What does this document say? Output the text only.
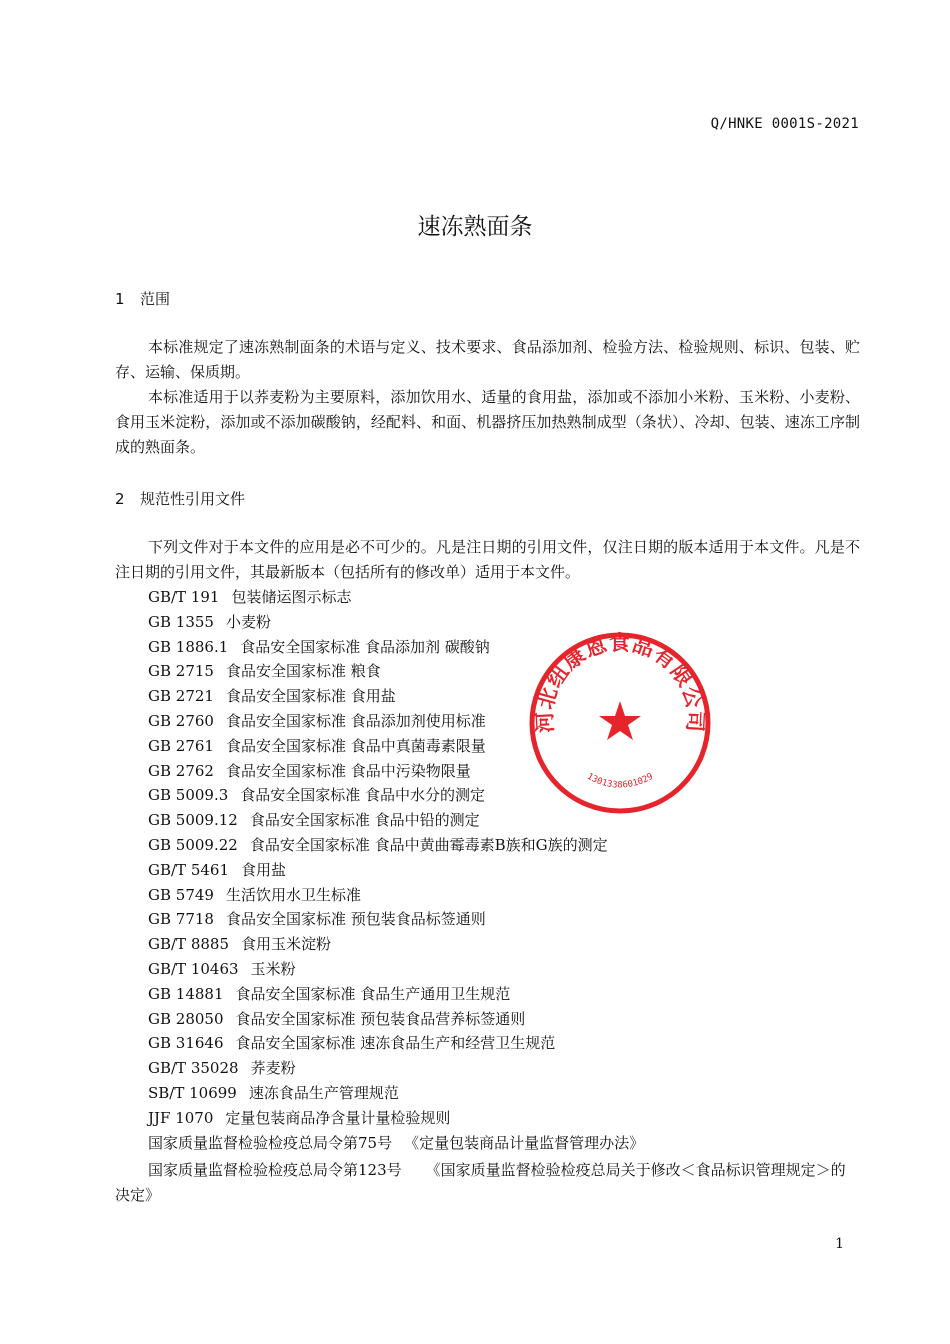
Q/HNKE 0001S-2021
速冻熟面条
1 范围
本标准规定了速冻熟制面条的术语与定义、技术要求、食品添加剂、检验方法、检验规则、标识、包装、贮存、运输、保质期。
本标准适用于以荞麦粉为主要原料，添加饮用水、适量的食用盐，添加或不添加小米粉、玉米粉、小麦粉、食用玉米淀粉，添加或不添加碳酸钠，经配料、和面、机器挤压加热熟制成型（条状）、冷却、包装、速冻工序制成的熟面条。
2 规范性引用文件
下列文件对于本文件的应用是必不可少的。凡是注日期的引用文件，仅注日期的版本适用于本文件。凡是不注日期的引用文件，其最新版本（包括所有的修改单）适用于本文件。
GB/T 191 包装储运图示标志
GB 1355 小麦粉
GB 1886.1 食品安全国家标准 食品添加剂 碳酸钠
GB 2715 食品安全国家标准 粮食
GB 2721 食品安全国家标准 食用盐
GB 2760 食品安全国家标准 食品添加剂使用标准
GB 2761 食品安全国家标准 食品中真菌毒素限量
GB 2762 食品安全国家标准 食品中污染物限量
GB 5009.3 食品安全国家标准 食品中水分的测定
GB 5009.12 食品安全国家标准 食品中铅的测定
GB 5009.22 食品安全国家标准 食品中黄曲霉毒素B族和G族的测定
GB/T 5461 食用盐
GB 5749 生活饮用水卫生标准
GB 7718 食品安全国家标准 预包装食品标签通则
GB/T 8885 食用玉米淀粉
GB/T 10463 玉米粉
GB 14881 食品安全国家标准 食品生产通用卫生规范
GB 28050 食品安全国家标准 预包装食品营养标签通则
GB 31646 食品安全国家标准 速冻食品生产和经营卫生规范
GB/T 35028 荞麦粉
SB/T 10699 速冻食品生产管理规范
JJF 1070 定量包装商品净含量计量检验规则
国家质量监督检验检疫总局令第75号 《定量包装商品计量监督管理办法》
国家质量监督检验检疫总局令第123号 《国家质量监督检验检疫总局关于修改＜食品标识管理规定＞的决定》
河北纽康恩食品有限公司
1301338601029
1
